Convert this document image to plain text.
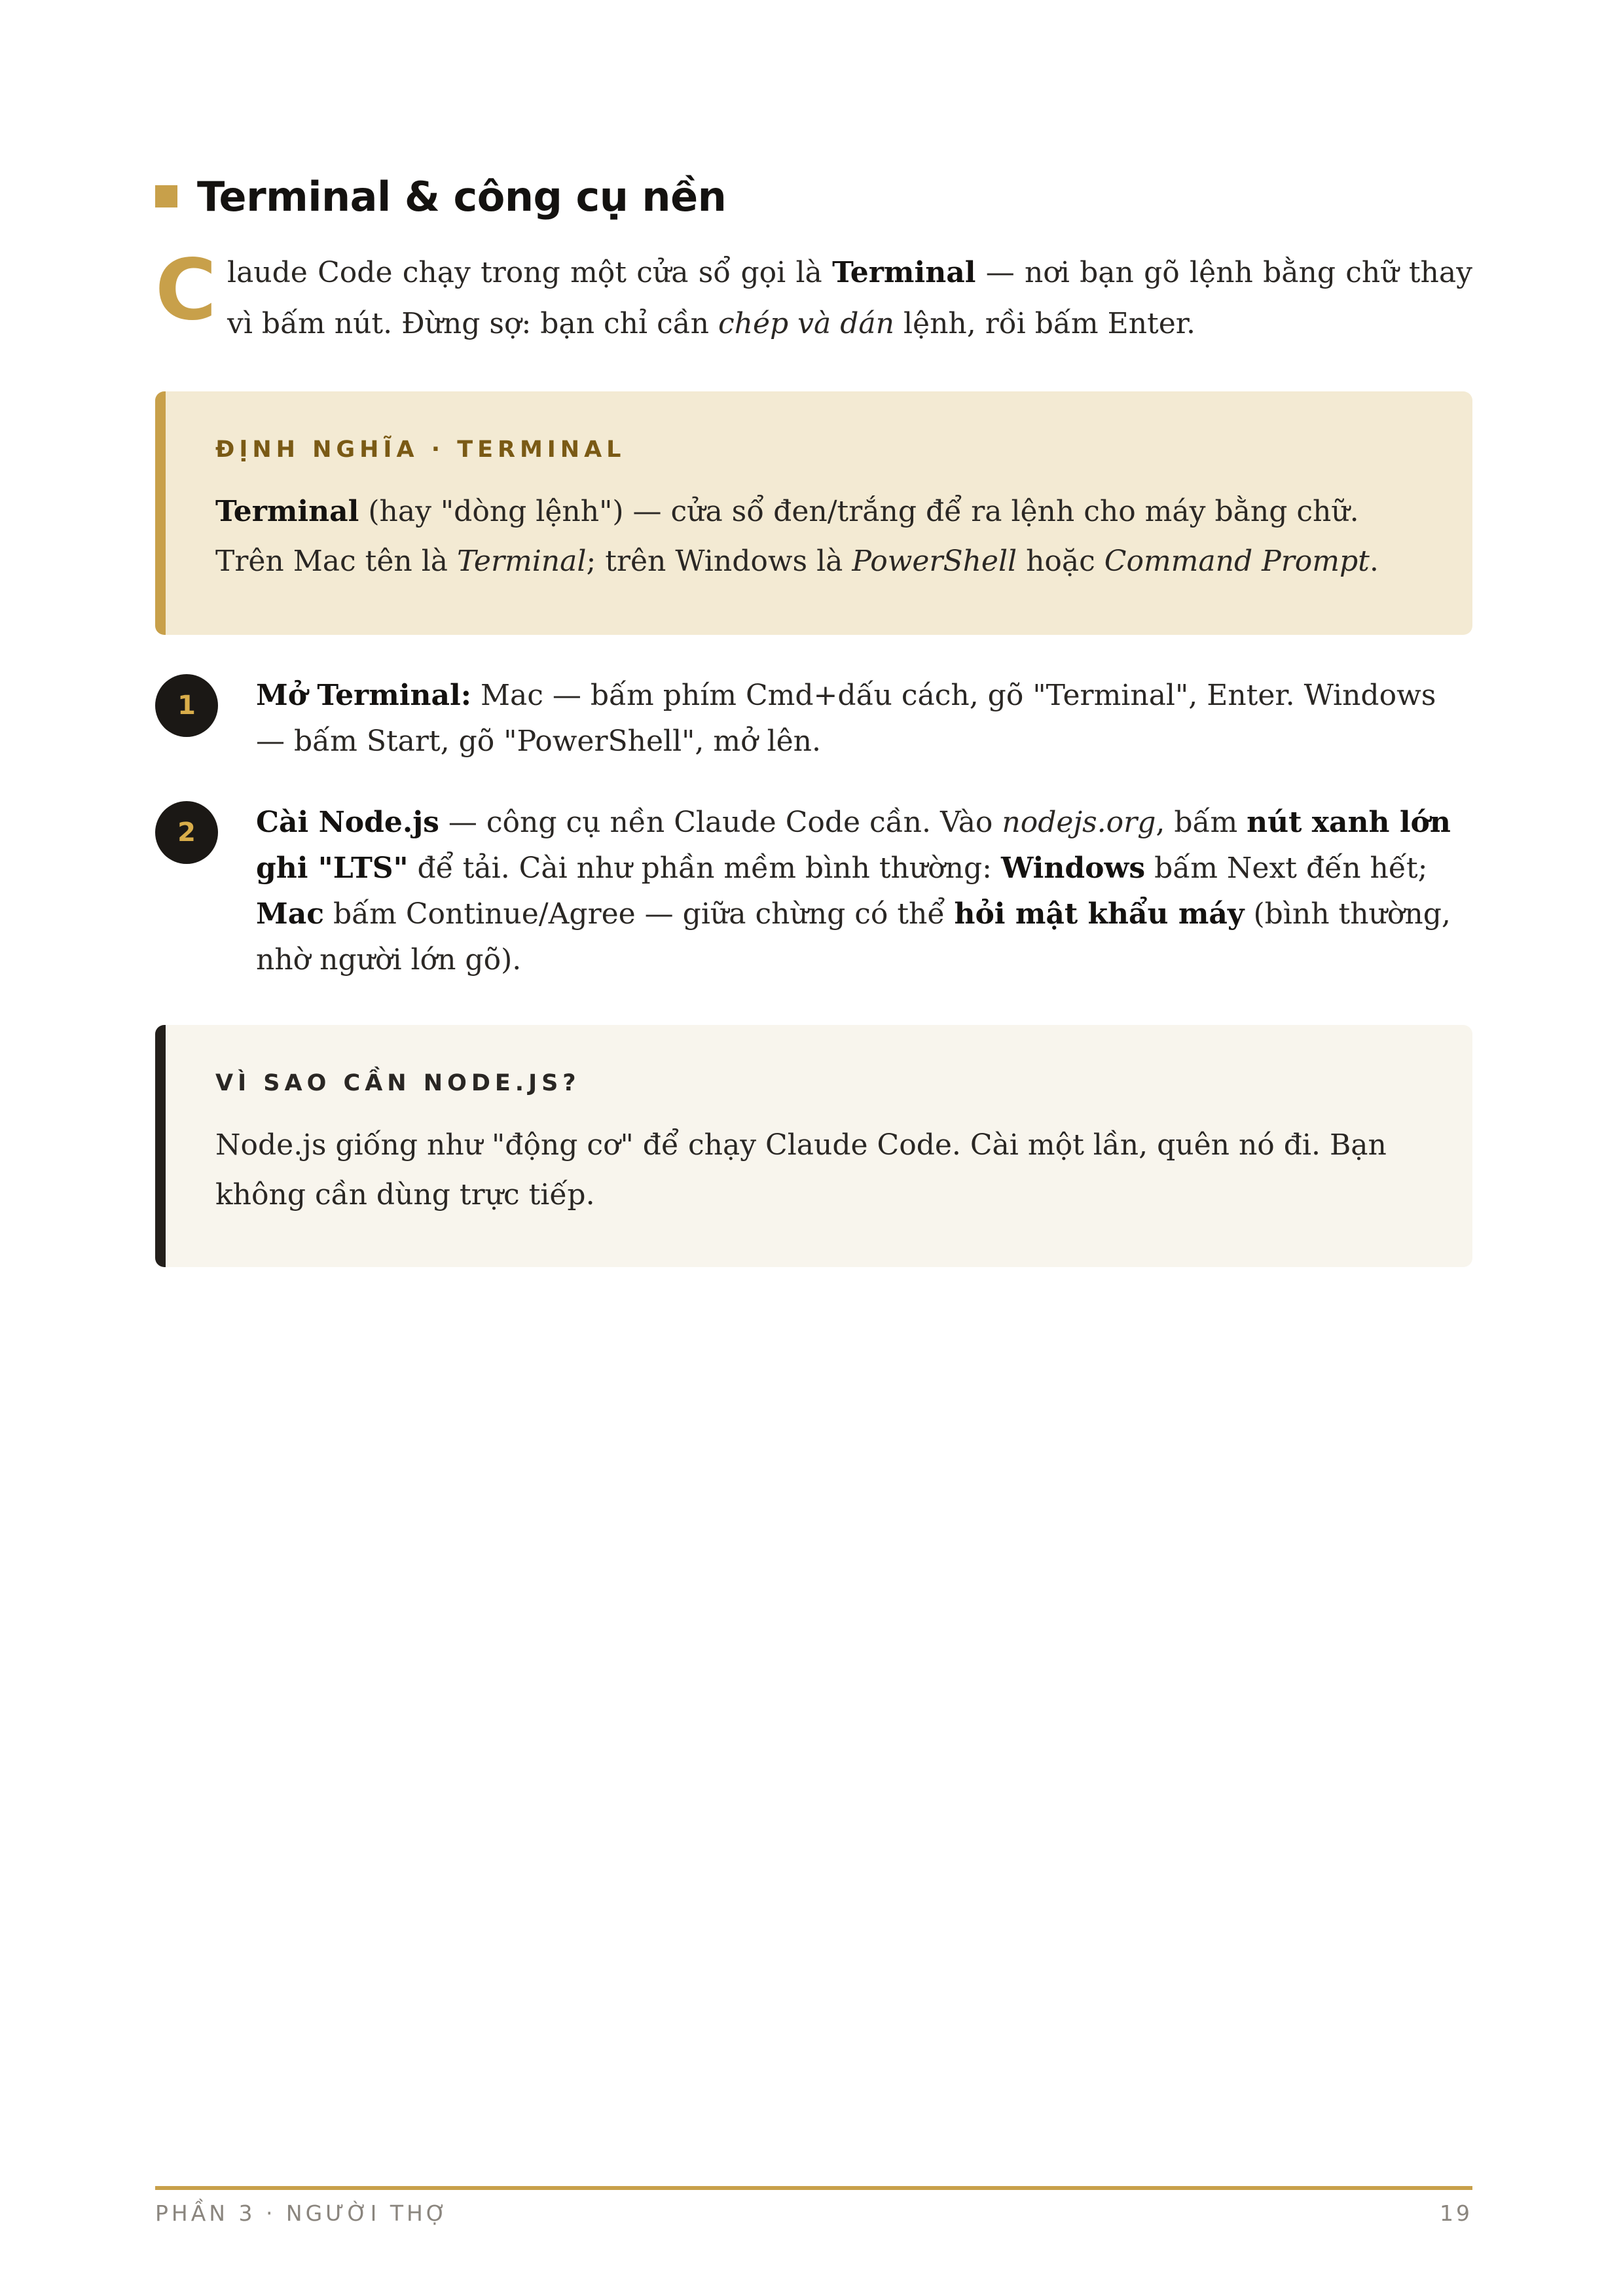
Terminal & công cụ nền
C laude Code chạy trong một cửa sổ gọi là Terminal — nơi bạn gõ lệnh bằng chữ thay vì bấm nút. Đừng sợ: bạn chỉ cần chép và dán lệnh, rồi bấm Enter.
ĐỊNH NGHĨA · TERMINAL
Terminal (hay "dòng lệnh") — cửa sổ đen/trắng để ra lệnh cho máy bằng chữ. Trên Mac tên là Terminal; trên Windows là PowerShell hoặc Command Prompt.
1	Mở Terminal: Mac — bấm phím Cmd+dấu cách, gõ "Terminal", Enter. Windows — bấm Start, gõ "PowerShell", mở lên.
2	Cài Node.js — công cụ nền Claude Code cần. Vào nodejs.org, bấm nút xanh lớn ghi "LTS" để tải. Cài như phần mềm bình thường: Windows bấm Next đến hết; Mac bấm Continue/Agree — giữa chừng có thể hỏi mật khẩu máy (bình thường, nhờ người lớn gõ).
VÌ SAO CẦN NODE.JS?
Node.js giống như "động cơ" để chạy Claude Code. Cài một lần, quên nó đi. Bạn không cần dùng trực tiếp.
PHẦN 3 · NGƯỜI THỢ	19
